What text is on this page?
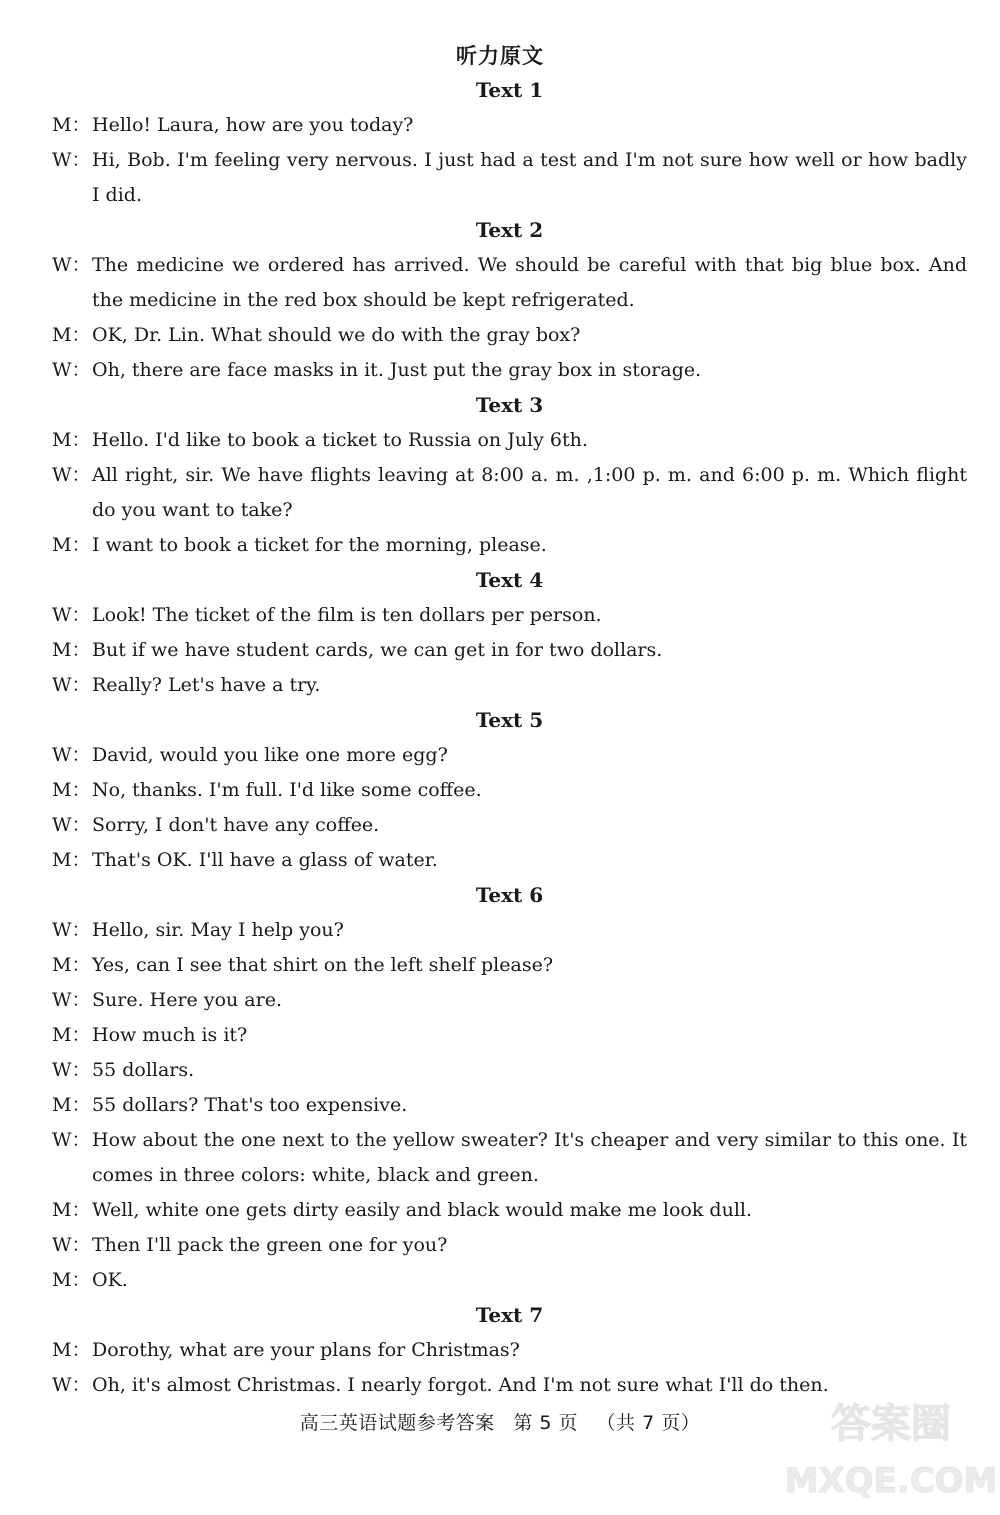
听力原文
Text 1
M： Hello! Laura, how are you today?
W： Hi, Bob. I'm feeling very nervous. I just had a test and I'm not sure how well or how badly I did.
Text 2
W： The medicine we ordered has arrived. We should be careful with that big blue box. And the medicine in the red box should be kept refrigerated.
M： OK, Dr. Lin. What should we do with the gray box?
W： Oh, there are face masks in it. Just put the gray box in storage.
Text 3
M： Hello. I'd like to book a ticket to Russia on July 6th.
W： All right, sir. We have flights leaving at 8:00 a. m. ,1:00 p. m. and 6:00 p. m. Which flight do you want to take?
M： I want to book a ticket for the morning, please.
Text 4
W： Look! The ticket of the film is ten dollars per person.
M： But if we have student cards, we can get in for two dollars.
W： Really? Let's have a try.
Text 5
W： David, would you like one more egg?
M： No, thanks. I'm full. I'd like some coffee.
W： Sorry, I don't have any coffee.
M： That's OK. I'll have a glass of water.
Text 6
W： Hello, sir. May I help you?
M： Yes, can I see that shirt on the left shelf please?
W： Sure. Here you are.
M： How much is it?
W： 55 dollars.
M： 55 dollars? That's too expensive.
W： How about the one next to the yellow sweater? It's cheaper and very similar to this one. It comes in three colors: white, black and green.
M： Well, white one gets dirty easily and black would make me look dull.
W： Then I'll pack the green one for you?
M： OK.
Text 7
M： Dorothy, what are your plans for Christmas?
W： Oh, it's almost Christmas. I nearly forgot. And I'm not sure what I'll do then.
高三英语试题参考答案 第 5 页 （共 7 页）	答案圈
MXQE.COM
